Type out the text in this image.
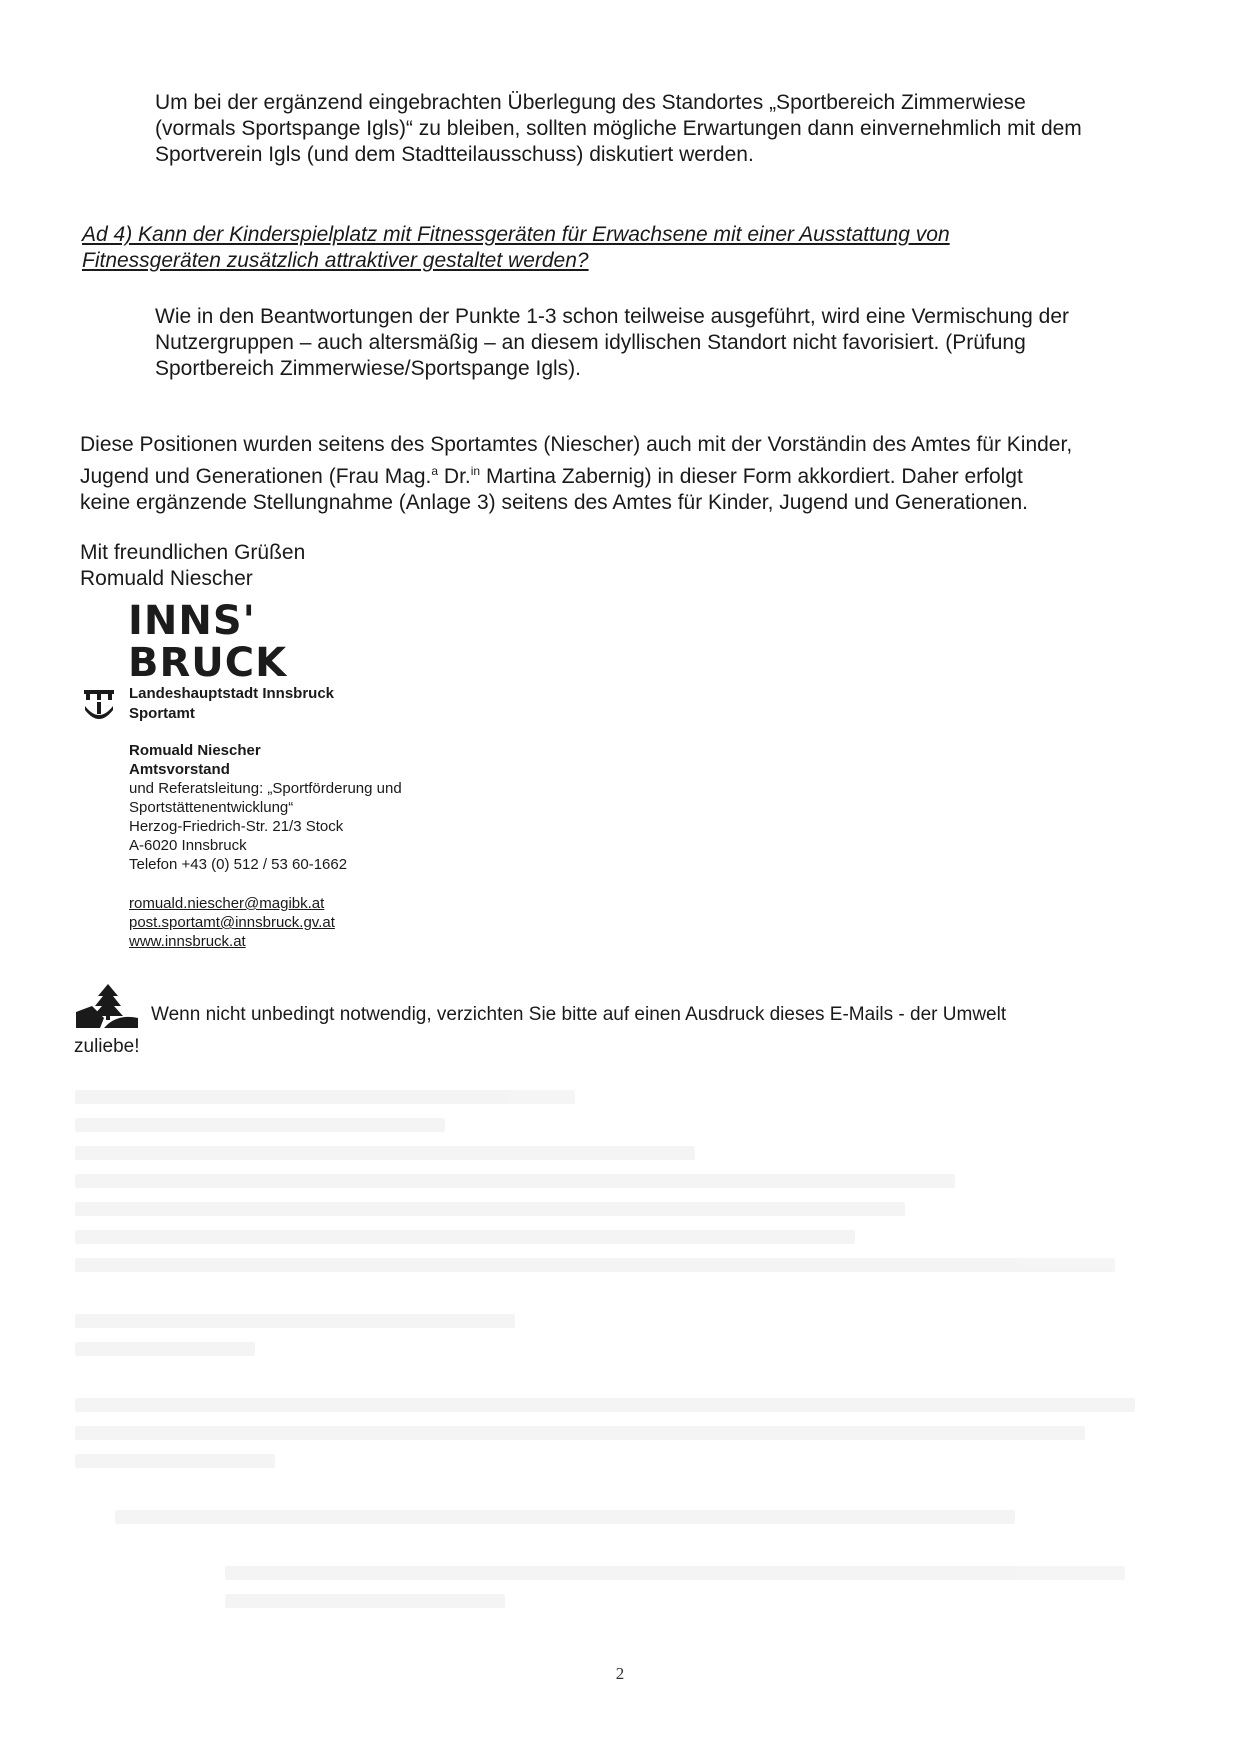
Um bei der ergänzend eingebrachten Überlegung des Standortes „Sportbereich Zimmerwiese
(vormals Sportspange Igls)“ zu bleiben, sollten mögliche Erwartungen dann einvernehmlich mit dem
Sportverein Igls (und dem Stadtteilausschuss) diskutiert werden.
Ad 4) Kann der Kinderspielplatz mit Fitnessgeräten für Erwachsene mit einer Ausstattung von
Fitnessgeräten zusätzlich attraktiver gestaltet werden?
Wie in den Beantwortungen der Punkte 1-3 schon teilweise ausgeführt, wird eine Vermischung der
Nutzergruppen – auch altersmäßig – an diesem idyllischen Standort nicht favorisiert. (Prüfung
Sportbereich Zimmerwiese/Sportspange Igls).
Diese Positionen wurden seitens des Sportamtes (Niescher) auch mit der Vorständin des Amtes für Kinder,
Jugend und Generationen (Frau Mag.$^a$ Dr.$^{in}$ Martina Zabernig) in dieser Form akkordiert. Daher erfolgt
keine ergänzende Stellungnahme (Anlage 3) seitens des Amtes für Kinder, Jugend und Generationen.
Mit freundlichen Grüßen
Romuald Niescher
INNS'
BRUCK
Landeshauptstadt Innsbruck
Sportamt
Romuald Niescher
Amtsvorstand
und Referatsleitung: „Sportförderung und
Sportstättenentwicklung“
Herzog-Friedrich-Str. 21/3 Stock
A-6020 Innsbruck
Telefon +43 (0) 512 / 53 60-1662
romuald.niescher@magibk.at
post.sportamt@innsbruck.gv.at
www.innsbruck.at
Wenn nicht unbedingt notwendig, verzichten Sie bitte auf einen Ausdruck dieses E-Mails - der Umwelt
zuliebe!
2
